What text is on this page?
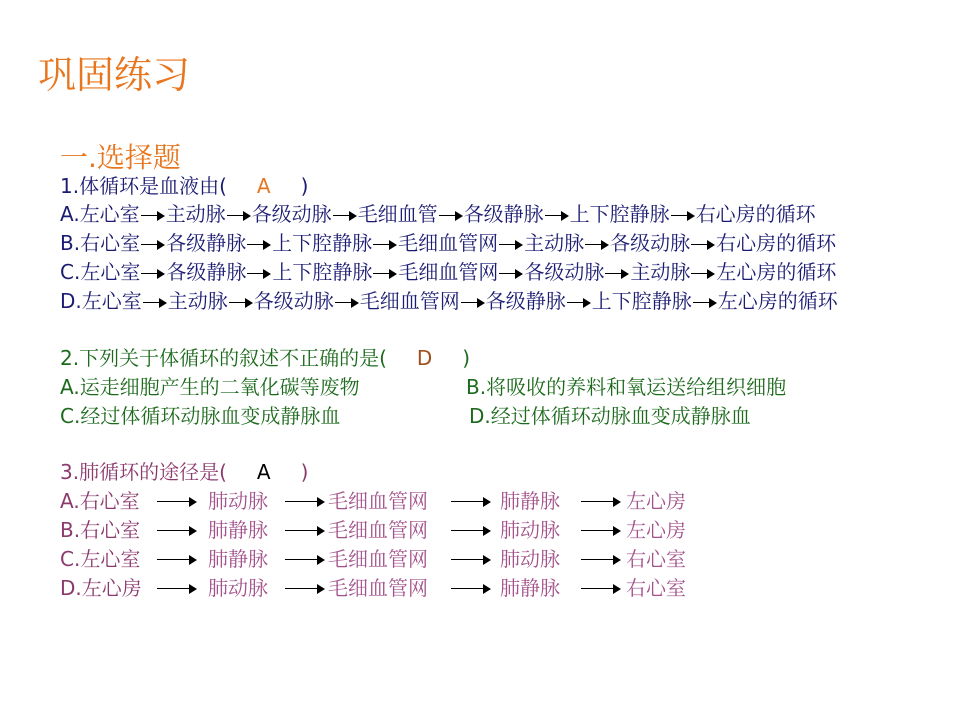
巩固练习
一.选择题
1.体循环是血液由( A )
A.左心室 主动脉 各级动脉 毛细血管 各级静脉 上下腔静脉 右心房的循环
B.右心室 各级静脉 上下腔静脉 毛细血管网 主动脉 各级动脉 右心房的循环
C.左心室 各级静脉 上下腔静脉 毛细血管网 各级动脉 主动脉 左心房的循环
D.左心室 主动脉 各级动脉 毛细血管网 各级静脉 上下腔静脉 左心房的循环
2.下列关于体循环的叙述不正确的是( D )
A.运走细胞产生的二氧化碳等废物	B.将吸收的养料和氧运送给组织细胞
C.经过体循环动脉血变成静脉血	D.经过体循环动脉血变成静脉血
3.肺循环的途径是( A )
A.右心室	肺动脉	毛细血管网	肺静脉	左心房
B.右心室	肺静脉	毛细血管网	肺动脉	左心房
C.左心室	肺静脉	毛细血管网	肺动脉	右心室
D.左心房	肺动脉	毛细血管网	肺静脉	右心室
